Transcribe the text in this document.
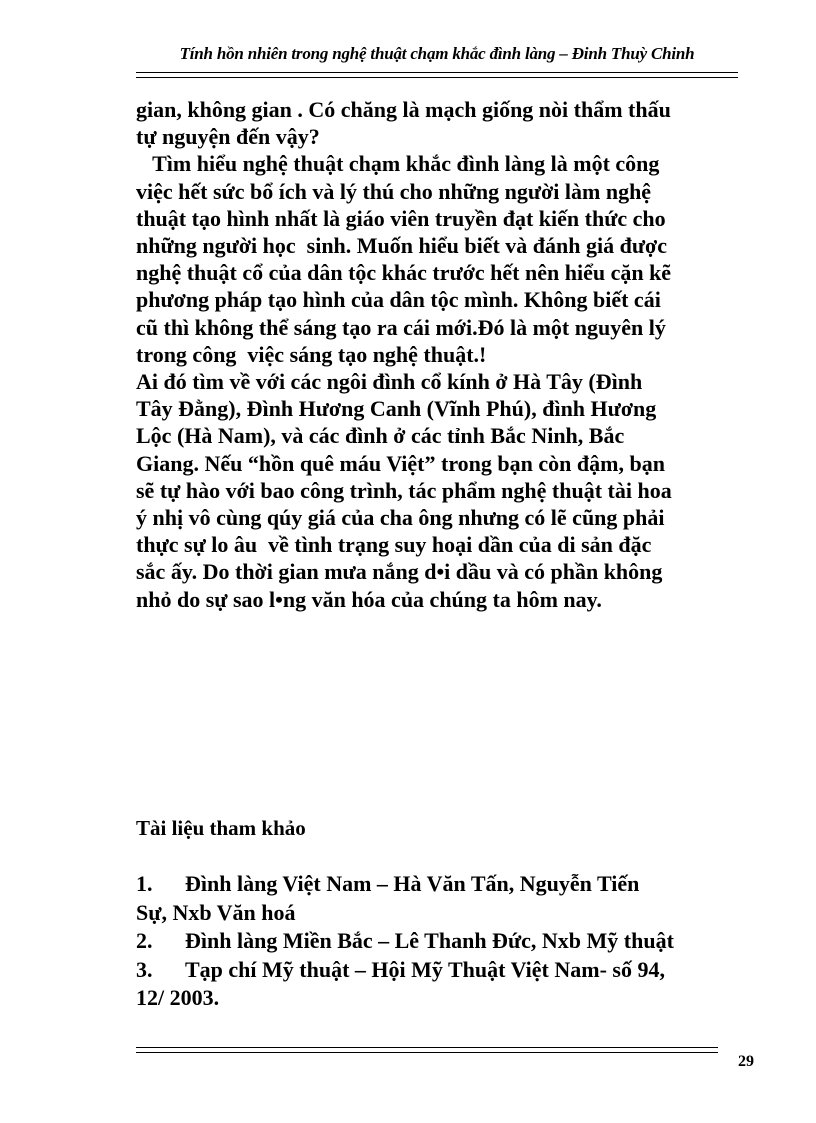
Tính hồn nhiên trong nghệ thuật chạm khắc đình làng – Đinh Thuỳ Chinh

gian, không gian . Có chăng là mạch giống nòi thẩm thấu

tự nguyện đến vậy?

Tìm hiểu nghệ thuật chạm khắc đình làng là một công

việc hết sức bổ ích và lý thú cho những người làm nghệ

thuật tạo hình nhất là giáo viên truyền đạt kiến thức cho

những người học  sinh. Muốn hiểu biết và đánh giá được

nghệ thuật cổ của dân tộc khác trước hết nên hiểu cặn kẽ

phương pháp tạo hình của dân tộc mình. Không biết cái

cũ thì không thể sáng tạo ra cái mới.Đó là một nguyên lý

trong công  việc sáng tạo nghệ thuật.!

Ai đó tìm về với các ngôi đình cổ kính ở Hà Tây (Đình

Tây Đằng), Đình Hương Canh (Vĩnh Phú), đình Hương

Lộc (Hà Nam), và các đình ở các tỉnh Bắc Ninh, Bắc

Giang. Nếu “hồn quê máu Việt” trong bạn còn đậm, bạn

sẽ tự hào với bao công trình, tác phẩm nghệ thuật tài hoa

ý nhị vô cùng qúy giá của cha ông nhưng có lẽ cũng phải

thực sự lo âu  về tình trạng suy hoại dần của di sản đặc

sắc ấy. Do thời gian mưa nắng d•i dầu và có phần không

nhỏ do sự sao l•ng văn hóa của chúng ta hôm nay.

Tài liệu tham khảo
1. Đình làng Việt Nam – Hà Văn Tấn, Nguyễn Tiến
Sự, Nxb Văn hoá
2. Đình làng Miền Bắc – Lê Thanh Đức, Nxb Mỹ thuật
3. Tạp chí Mỹ thuật – Hội Mỹ Thuật Việt Nam- số 94,
12/ 2003.
29
